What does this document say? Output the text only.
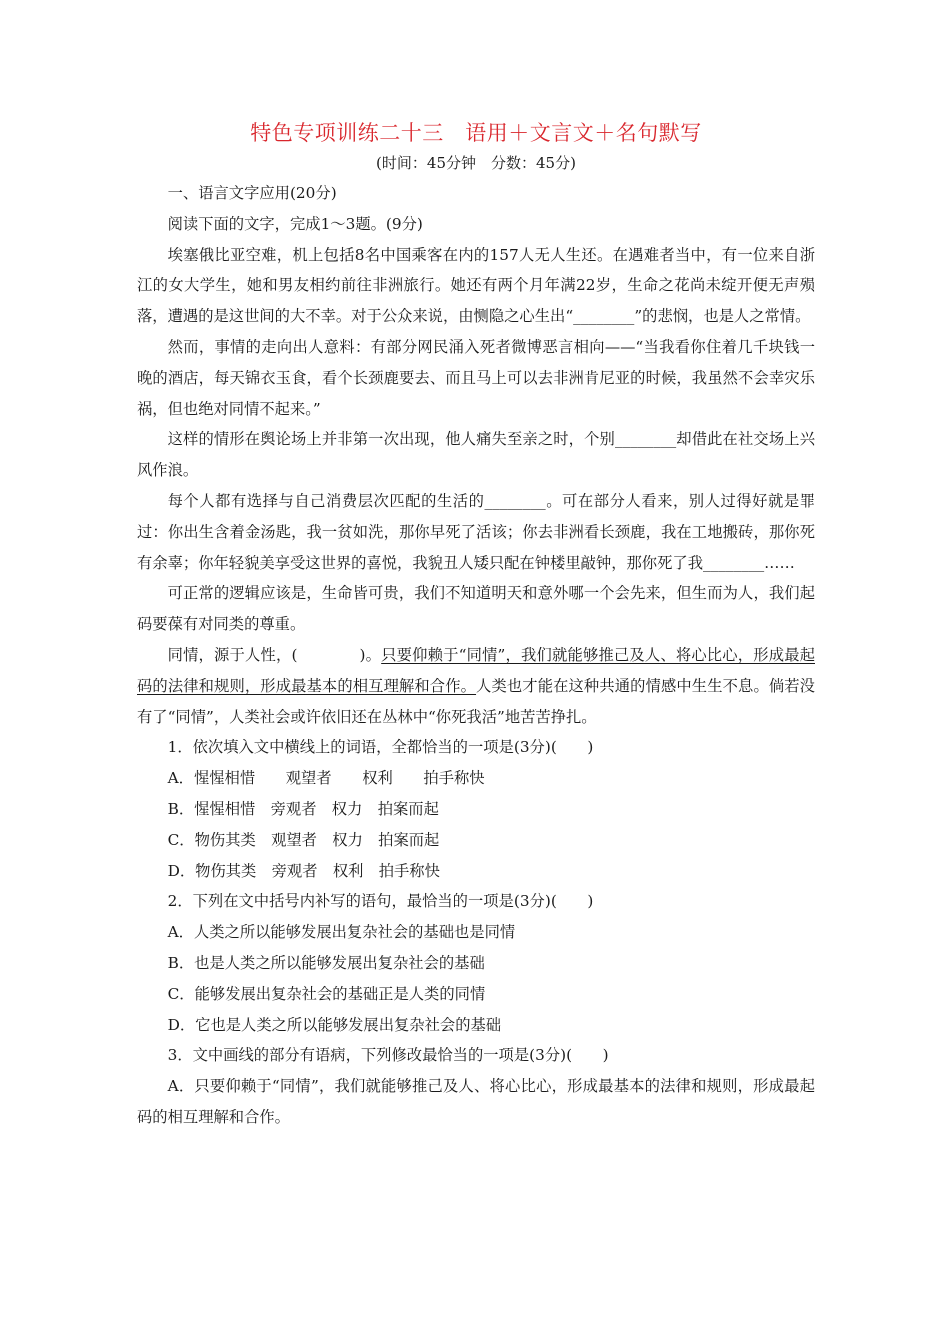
特色专项训练二十三　语用＋文言文＋名句默写

(时间：45分钟　分数：45分)

一、语言文字应用(20分)

阅读下面的文字，完成1～3题。(9分)

埃塞俄比亚空难，机上包括8名中国乘客在内的157人无人生还。在遇难者当中，有一位来自浙江的女大学生，她和男友相约前往非洲旅行。她还有两个月年满22岁，生命之花尚未绽开便无声殒落，遭遇的是这世间的大不幸。对于公众来说，由恻隐之心生出“________”的悲悯，也是人之常情。

然而，事情的走向出人意料：有部分网民涌入死者微博恶言相向——“当我看你住着几千块钱一晚的酒店，每天锦衣玉食，看个长颈鹿要去、而且马上可以去非洲肯尼亚的时候，我虽然不会幸灾乐祸，但也绝对同情不起来。”

这样的情形在舆论场上并非第一次出现，他人痛失至亲之时，个别________却借此在社交场上兴风作浪。

每个人都有选择与自己消费层次匹配的生活的________。可在部分人看来，别人过得好就是罪过：你出生含着金汤匙，我一贫如洗，那你早死了活该；你去非洲看长颈鹿，我在工地搬砖，那你死有余辜；你年轻貌美享受这世界的喜悦，我貌丑人矮只配在钟楼里敲钟，那你死了我________……

可正常的逻辑应该是，生命皆可贵，我们不知道明天和意外哪一个会先来，但生而为人，我们起码要葆有对同类的尊重。

同情，源于人性，(　　　　)。只要仰赖于“同情”，我们就能够推己及人、将心比心，形成最起码的法律和规则，形成最基本的相互理解和合作。人类也才能在这种共通的情感中生生不息。倘若没有了“同情”，人类社会或许依旧还在丛林中“你死我活”地苦苦挣扎。

1．依次填入文中横线上的词语，全都恰当的一项是(3分)(　　)

A．惺惺相惜　　观望者　　权利　　拍手称快

B．惺惺相惜　旁观者　权力　拍案而起

C．物伤其类　观望者　权力　拍案而起

D．物伤其类　旁观者　权利　拍手称快

2．下列在文中括号内补写的语句，最恰当的一项是(3分)(　　)

A．人类之所以能够发展出复杂社会的基础也是同情

B．也是人类之所以能够发展出复杂社会的基础

C．能够发展出复杂社会的基础正是人类的同情

D．它也是人类之所以能够发展出复杂社会的基础

3．文中画线的部分有语病，下列修改最恰当的一项是(3分)(　　)

A．只要仰赖于“同情”，我们就能够推己及人、将心比心，形成最基本的法律和规则，形成最起码的相互理解和合作。
